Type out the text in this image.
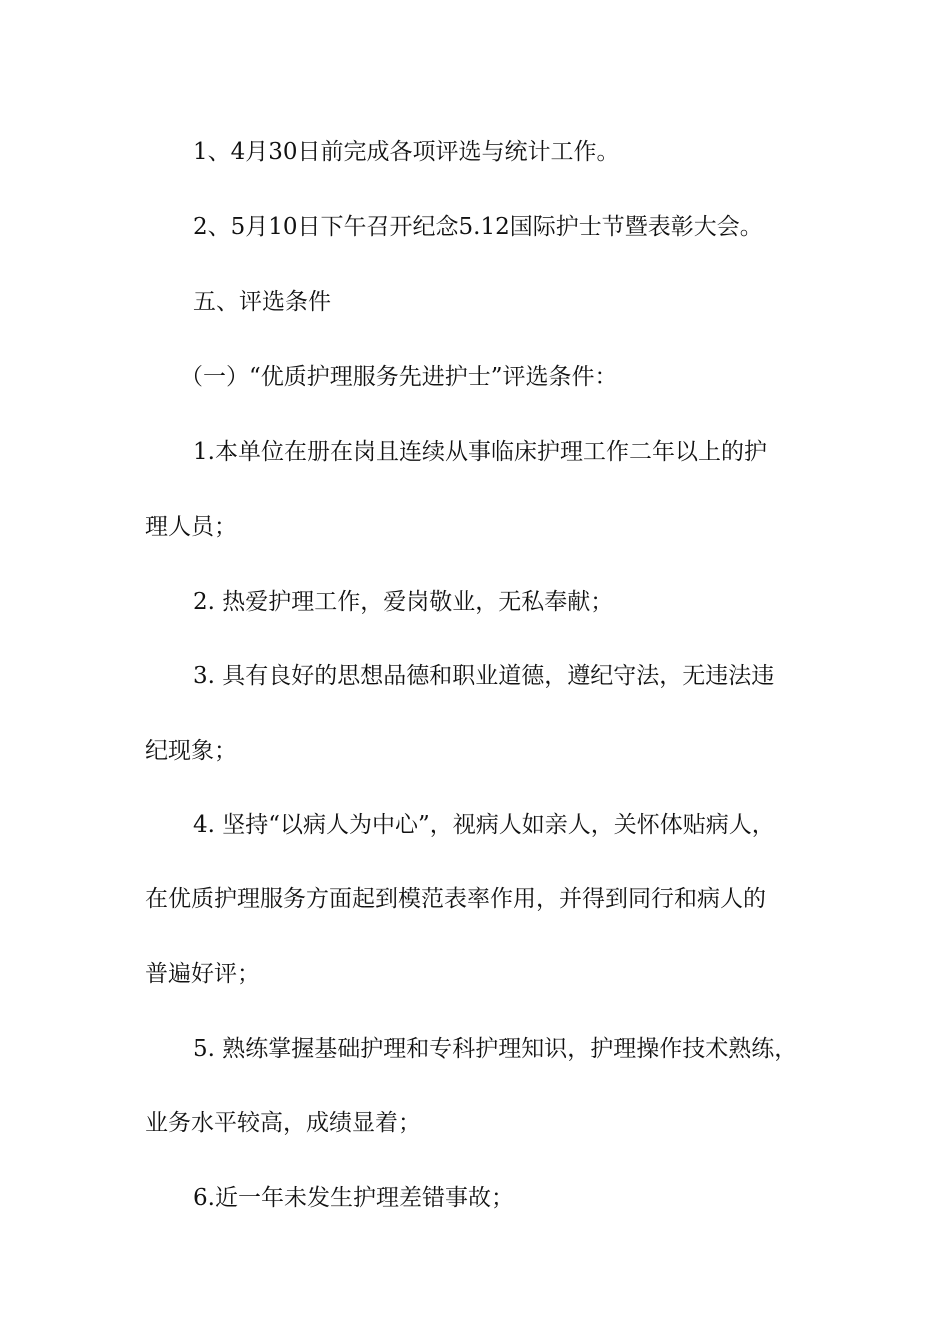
1、4月30日前完成各项评选与统计工作。

2、5月10日下午召开纪念5.12国际护士节暨表彰大会。

五、评选条件

（一）“优质护理服务先进护士”评选条件：

1.本单位在册在岗且连续从事临床护理工作二年以上的护

理人员；

2. 热爱护理工作，爱岗敬业，无私奉献；

3. 具有良好的思想品德和职业道德，遵纪守法，无违法违

纪现象；

4. 坚持“以病人为中心”，视病人如亲人，关怀体贴病人，

在优质护理服务方面起到模范表率作用，并得到同行和病人的

普遍好评；

5. 熟练掌握基础护理和专科护理知识，护理操作技术熟练，

业务水平较高，成绩显着；

6.近一年未发生护理差错事故；
